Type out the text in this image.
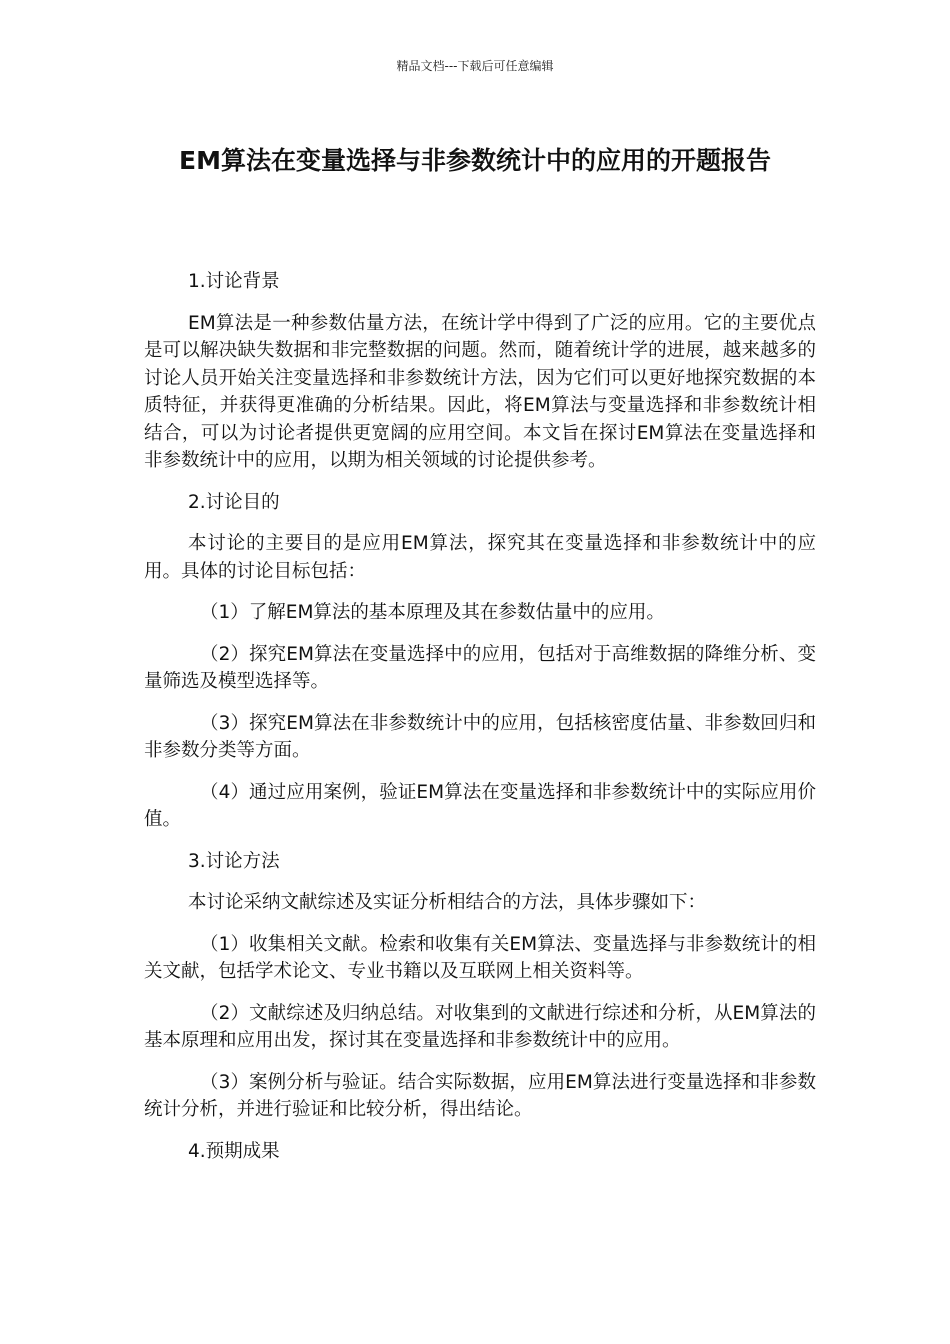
精品文档---下载后可任意编辑
EM算法在变量选择与非参数统计中的应用的开题报告

1.讨论背景

EM算法是一种参数估量方法，在统计学中得到了广泛的应用。它的主要优点是可以解决缺失数据和非完整数据的问题。然而，随着统计学的进展，越来越多的讨论人员开始关注变量选择和非参数统计方法，因为它们可以更好地探究数据的本质特征，并获得更准确的分析结果。因此，将EM算法与变量选择和非参数统计相结合，可以为讨论者提供更宽阔的应用空间。本文旨在探讨EM算法在变量选择和非参数统计中的应用，以期为相关领域的讨论提供参考。

2.讨论目的

本讨论的主要目的是应用EM算法，探究其在变量选择和非参数统计中的应用。具体的讨论目标包括：

（1）了解EM算法的基本原理及其在参数估量中的应用。

（2）探究EM算法在变量选择中的应用，包括对于高维数据的降维分析、变量筛选及模型选择等。

（3）探究EM算法在非参数统计中的应用，包括核密度估量、非参数回归和非参数分类等方面。

（4）通过应用案例，验证EM算法在变量选择和非参数统计中的实际应用价值。

3.讨论方法

本讨论采纳文献综述及实证分析相结合的方法，具体步骤如下：

（1）收集相关文献。检索和收集有关EM算法、变量选择与非参数统计的相关文献，包括学术论文、专业书籍以及互联网上相关资料等。

（2）文献综述及归纳总结。对收集到的文献进行综述和分析，从EM算法的基本原理和应用出发，探讨其在变量选择和非参数统计中的应用。

（3）案例分析与验证。结合实际数据，应用EM算法进行变量选择和非参数统计分析，并进行验证和比较分析，得出结论。

4.预期成果
